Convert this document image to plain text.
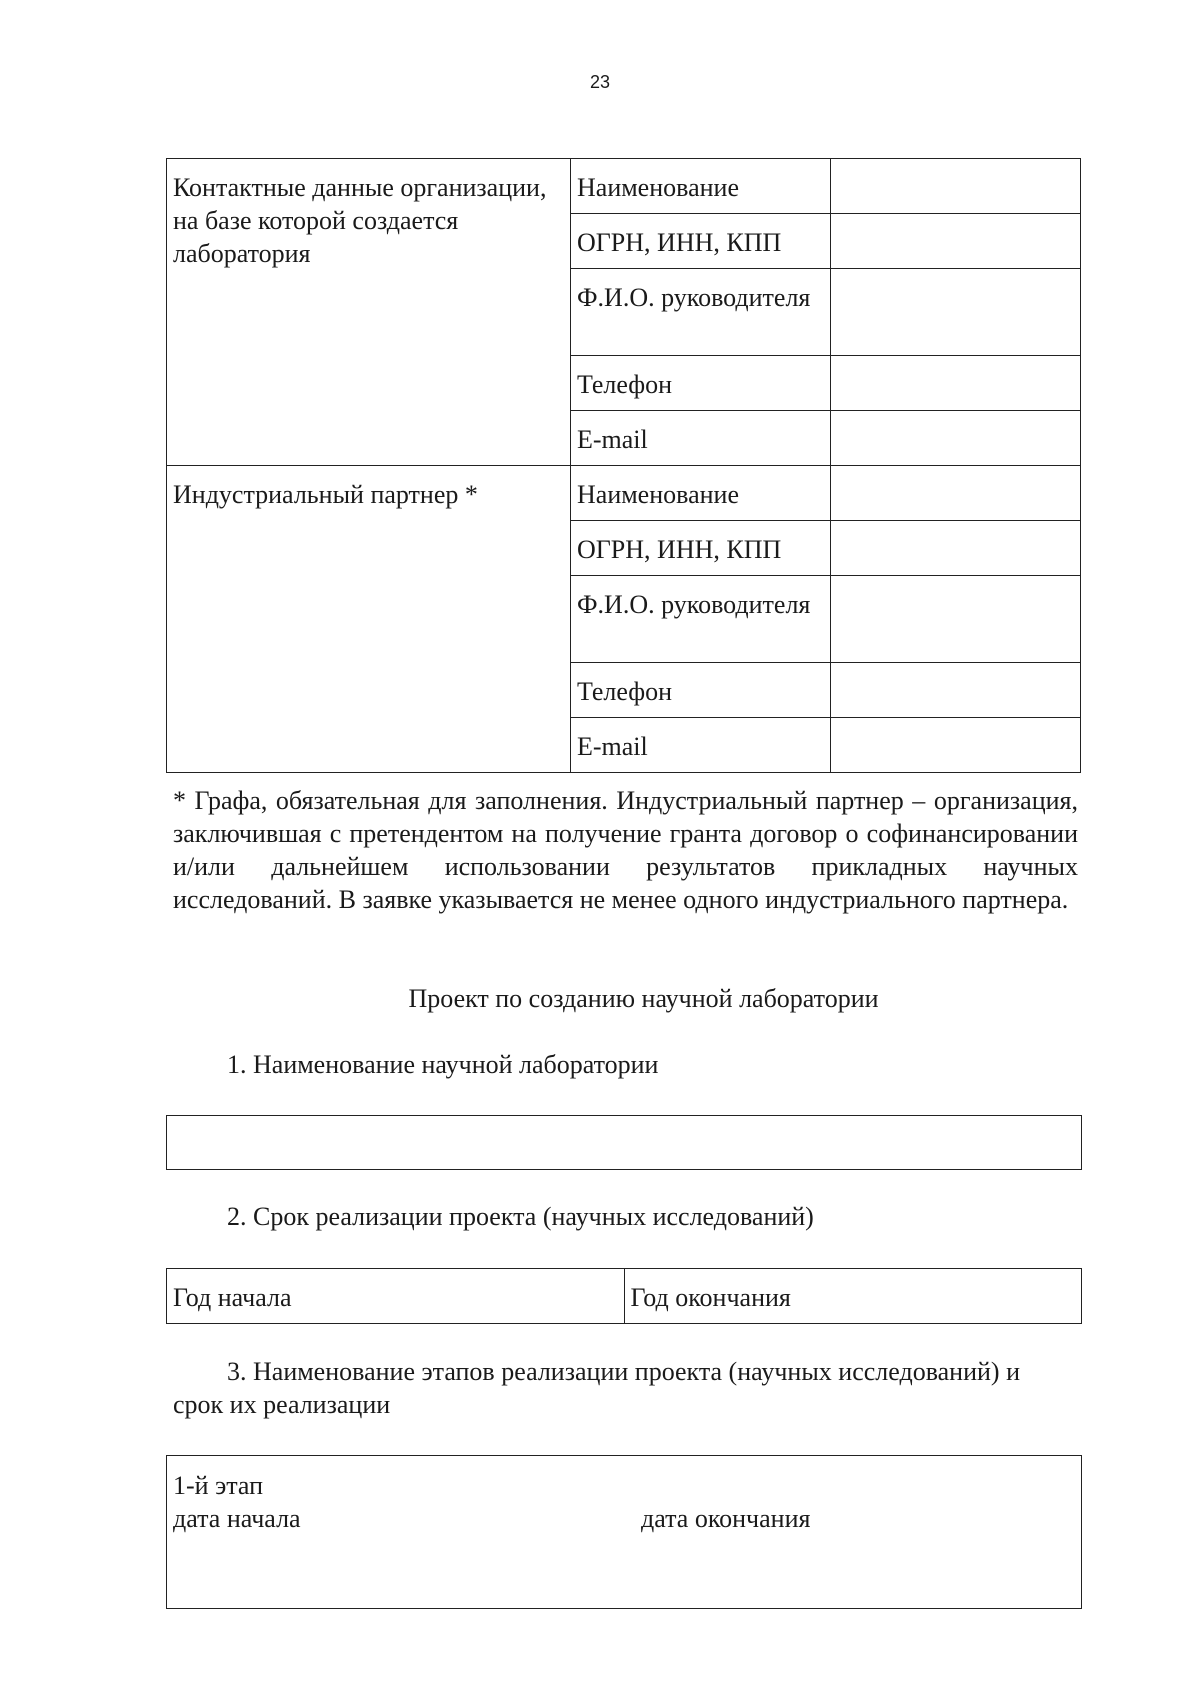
23
Контактные данные организации, на базе которой создается лаборатория	Наименование	
	ОГРН, ИНН, КПП	
	Ф.И.О. руководителя	
	Телефон	
	E-mail	
Индустриальный партнер *	Наименование	
	ОГРН, ИНН, КПП	
	Ф.И.О. руководителя	
	Телефон	
	E-mail	

* Графа, обязательная для заполнения. Индустриальный партнер – организация, заключившая с претендентом на получение гранта договор о софинансировании и/или дальнейшем использовании результатов прикладных научных исследований. В заявке указывается не менее одного индустриального партнера.

Проект по созданию научной лаборатории

1. Наименование научной лаборатории

2. Срок реализации проекта (научных исследований)

Год начала	Год окончания

3. Наименование этапов реализации проекта (научных исследований) и

срок их реализации

1-й этап
дата начала	дата окончания
